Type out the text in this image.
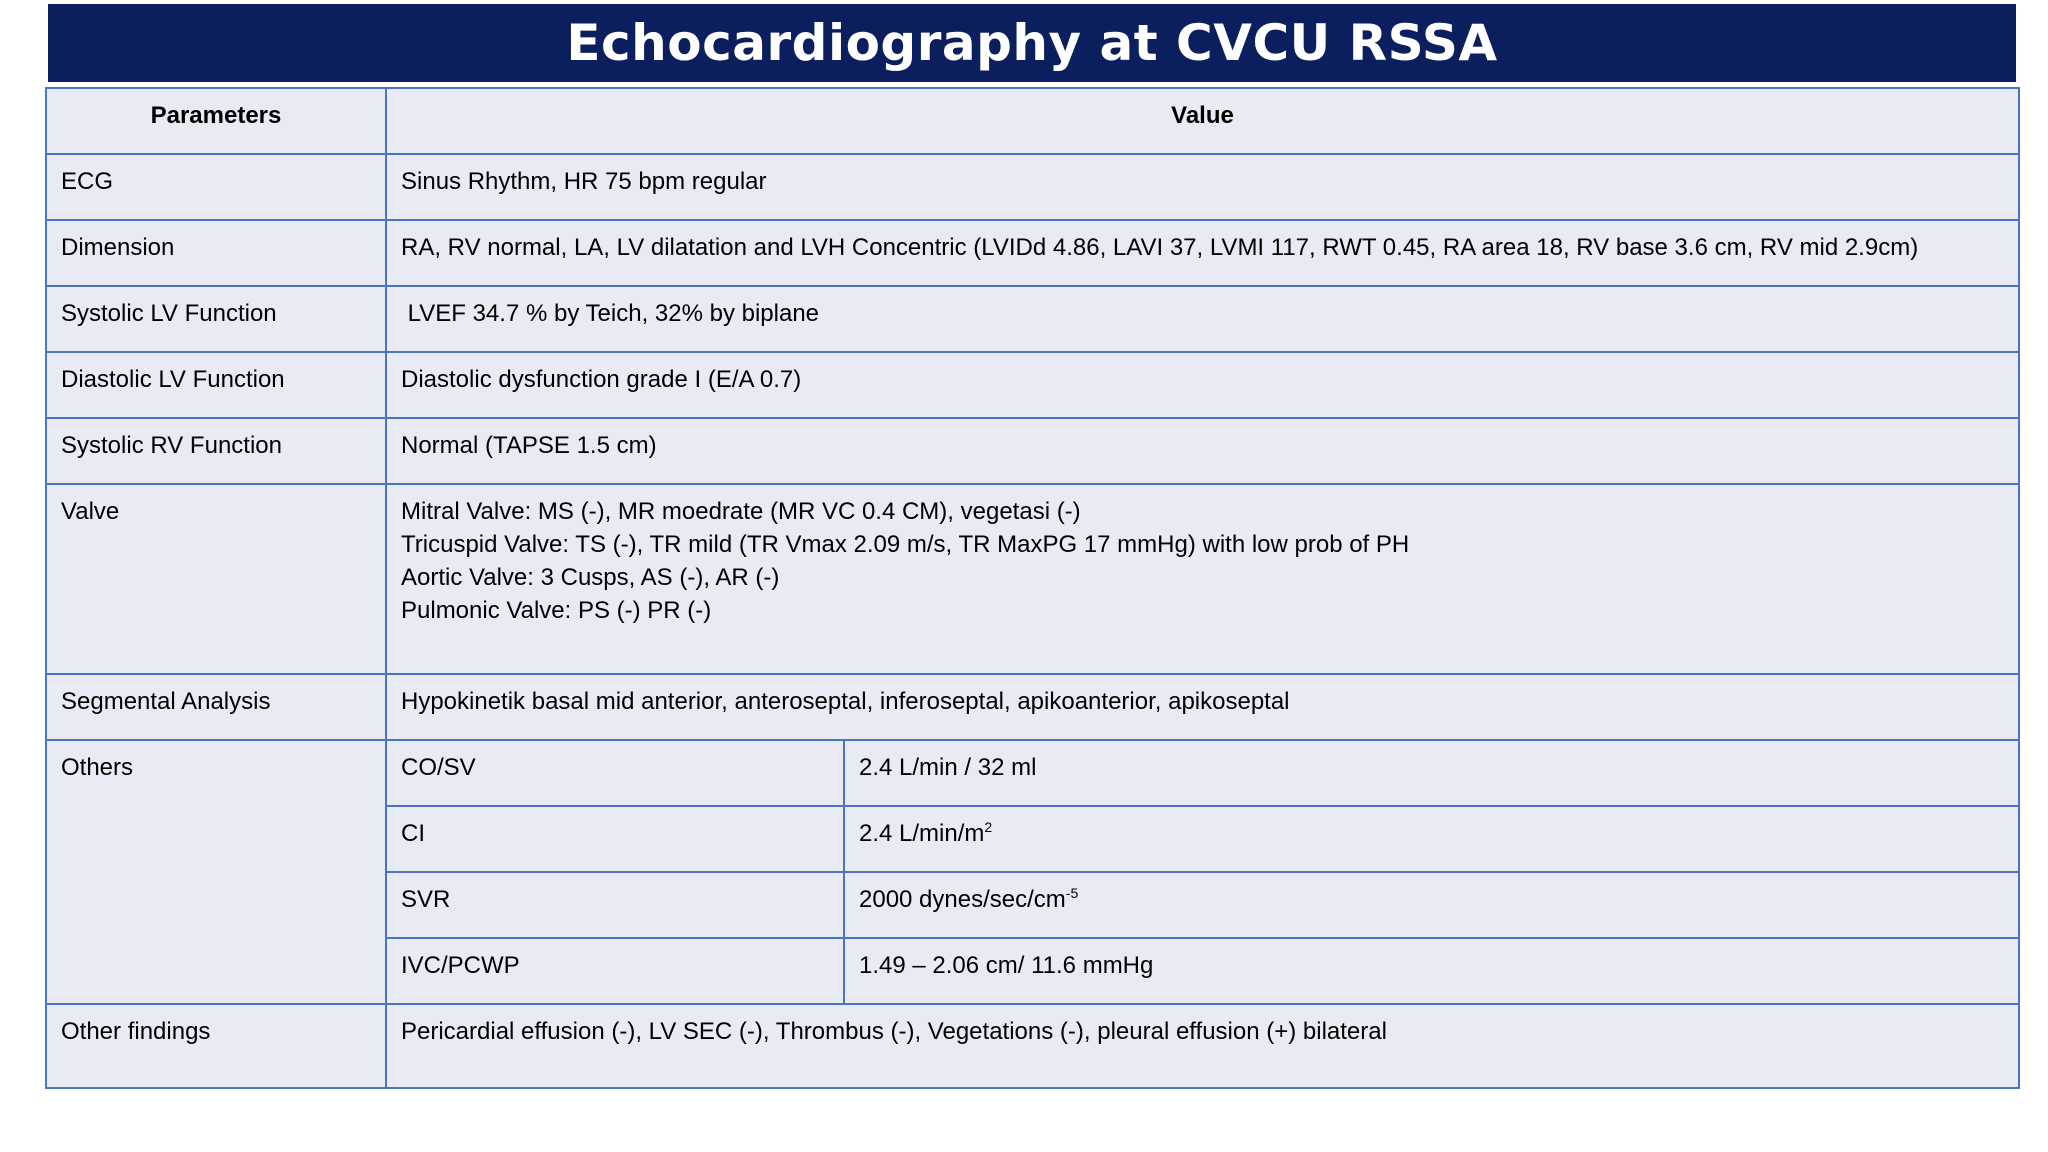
Echocardiography at CVCU RSSA
Parameters	Value	
ECG	Sinus Rhythm, HR 75 bpm regular	
Dimension	RA, RV normal, LA, LV dilatation and LVH Concentric (LVIDd 4.86, LAVI 37, LVMI 117, RWT 0.45, RA area 18, RV base 3.6 cm, RV mid 2.9cm)	
Systolic LV Function	LVEF 34.7 % by Teich, 32% by biplane	
Diastolic LV Function	Diastolic dysfunction grade I (E/A 0.7)	
Systolic RV Function	Normal (TAPSE 1.5 cm)	
Valve	Mitral Valve: MS (-), MR moedrate (MR VC 0.4 CM), vegetasi (-)
Tricuspid Valve: TS (-), TR mild (TR Vmax 2.09 m/s, TR MaxPG 17 mmHg) with low prob of PH
Aortic Valve: 3 Cusps, AS (-), AR (-)
Pulmonic Valve: PS (-) PR (-)	

Segmental Analysis	Hypokinetik basal mid anterior, anteroseptal, inferoseptal, apikoanterior, apikoseptal	
Others	CO/SV	2.4 L/min / 32 ml
	CI	2.4 $L/\min/m^2$
	SVR	2000 dynes/$\sec/cm^{-5}$
	IVC/PCWP	1.49 – 2.06 cm/ 11.6 mmHg
Other findings	Pericardial effusion (-), LV SEC (-), Thrombus (-), Vegetations (-), pleural effusion (+) bilateral	
